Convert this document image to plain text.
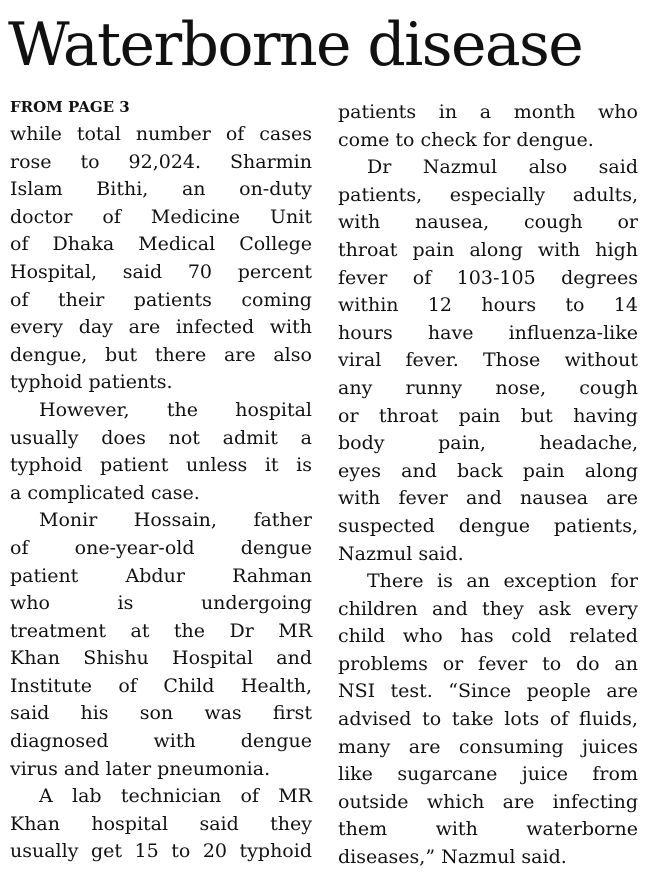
Waterborne disease
FROM PAGE 3
while total number of cases
rose to 92,024. Sharmin
Islam Bithi, an on-duty
doctor of Medicine Unit
of Dhaka Medical College
Hospital, said 70 percent
of their patients coming
every day are infected with
dengue, but there are also
typhoid patients.
However, the hospital
usually does not admit a
typhoid patient unless it is
a complicated case.
Monir Hossain, father
of one-year-old dengue
patient Abdur Rahman
who	is	undergoing
treatment at the Dr MR
Khan Shishu Hospital and
Institute of Child Health,
said his son was first
diagnosed with dengue
virus and later pneumonia.
A lab technician of MR
Khan hospital said they
usually get 15 to 20 typhoid
patients in a month who
come to check for dengue.
Dr Nazmul also said
patients, especially adults,
with nausea, cough or
throat pain along with high
fever of 103-105 degrees
within 12 hours to 14
hours have influenza-like
viral fever. Those without
any runny nose, cough
or throat pain but having
body	pain,	headache,
eyes and back pain along
with fever and nausea are
suspected dengue patients,
Nazmul said.
There is an exception for
children and they ask every
child who has cold related
problems or fever to do an
NSI test. “Since people are
advised to take lots of fluids,
many are consuming juices
like sugarcane juice from
outside which are infecting
them	with	waterborne
diseases,” Nazmul said.
